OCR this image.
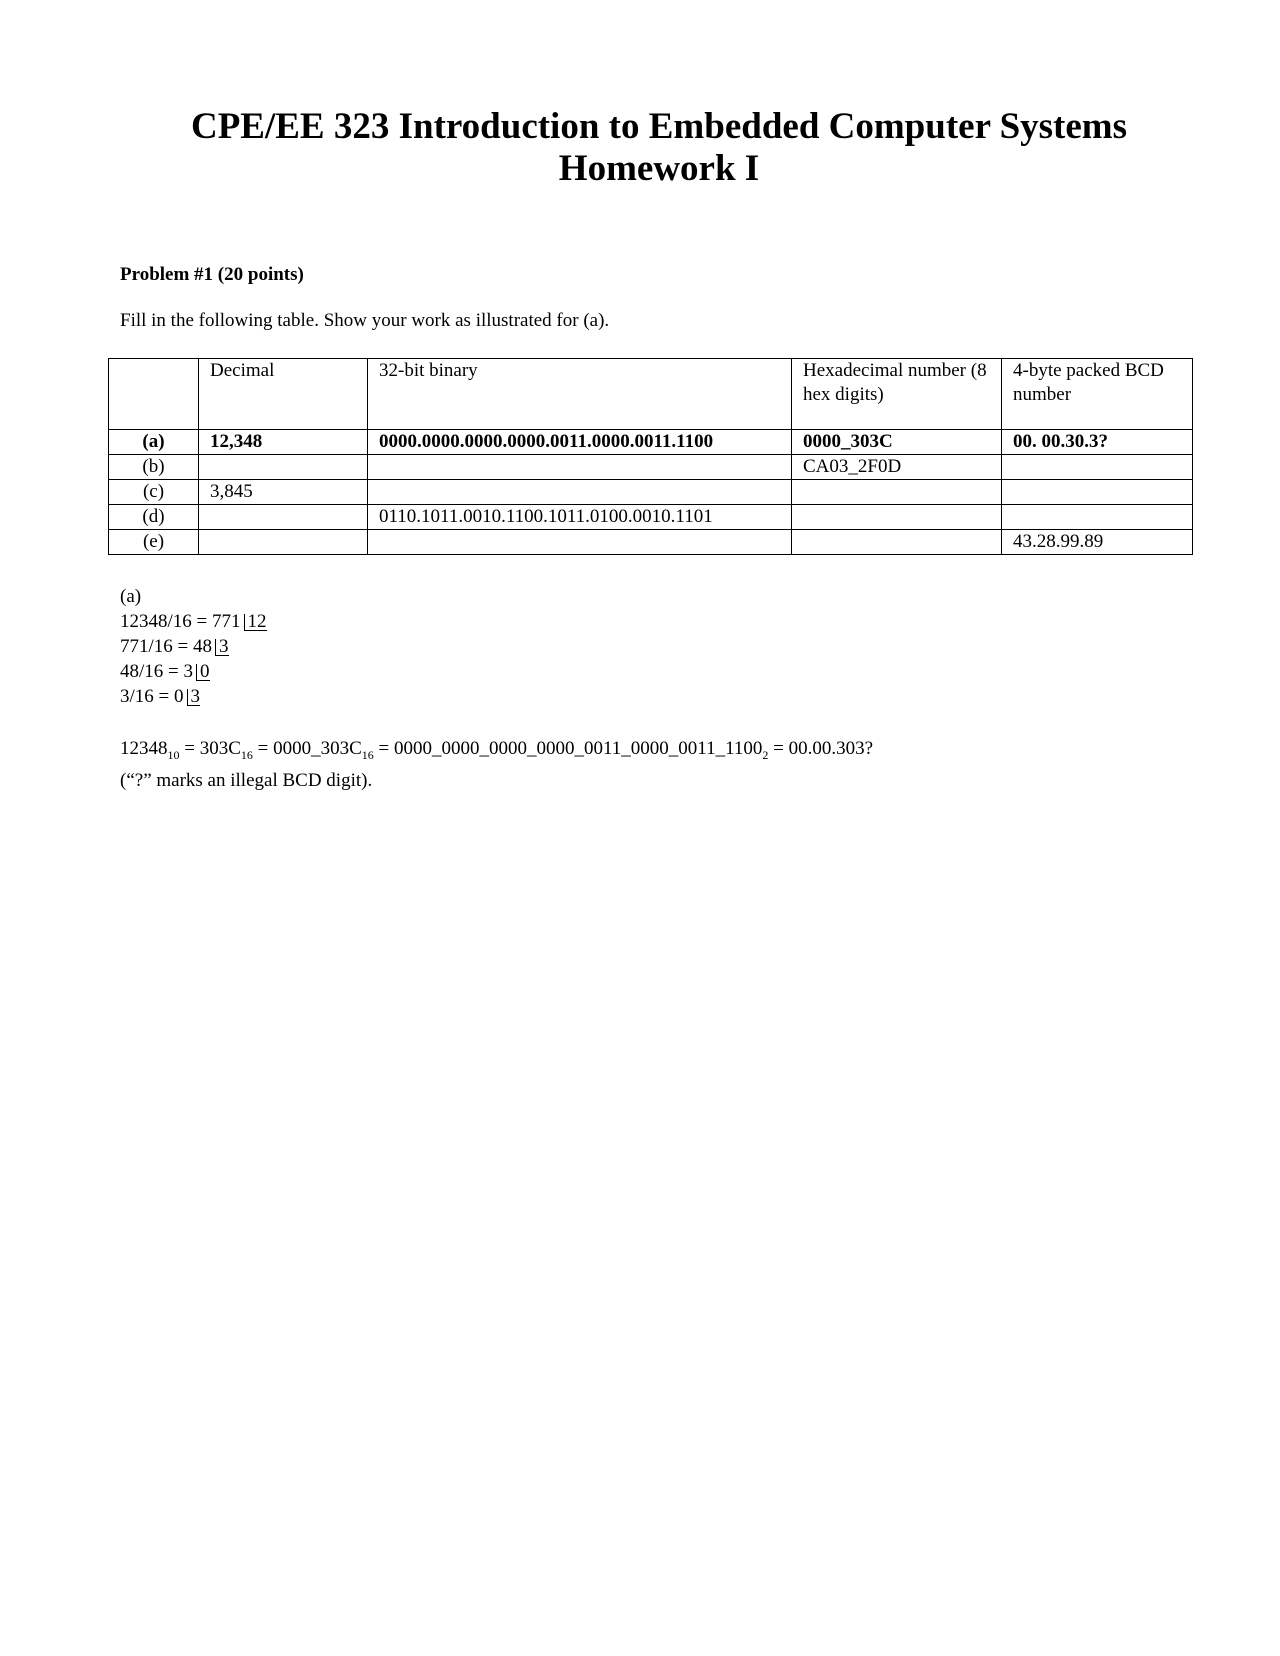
CPE/EE 323 Introduction to Embedded Computer Systems
Homework I
Problem #1 (20 points)
Fill in the following table. Show your work as illustrated for (a).
	Decimal	32-bit binary	Hexadecimal number (8 hex digits)	4-byte packed BCD number
(a)	12,348	0000.0000.0000.0000.0011.0000.0011.1100	0000_303C	00. 00.30.3?
(b)			CA03_2F0D	
(c)	3,845			
(d)		0110.1011.0010.1100.1011.0100.0010.1101		
(e)				43.28.99.89
(a)
12348/16 = 771 12
771/16 = 48 3
48/16 = 3 0
3/16 = 0 3
$12348_{10} = 303C_{16}$ = $0000\_303C_{16}$ = $0000\_0000\_0000\_0000\_0011\_0000\_0011\_1100_2 = 00.00.303$?
(“?” marks an illegal BCD digit).
